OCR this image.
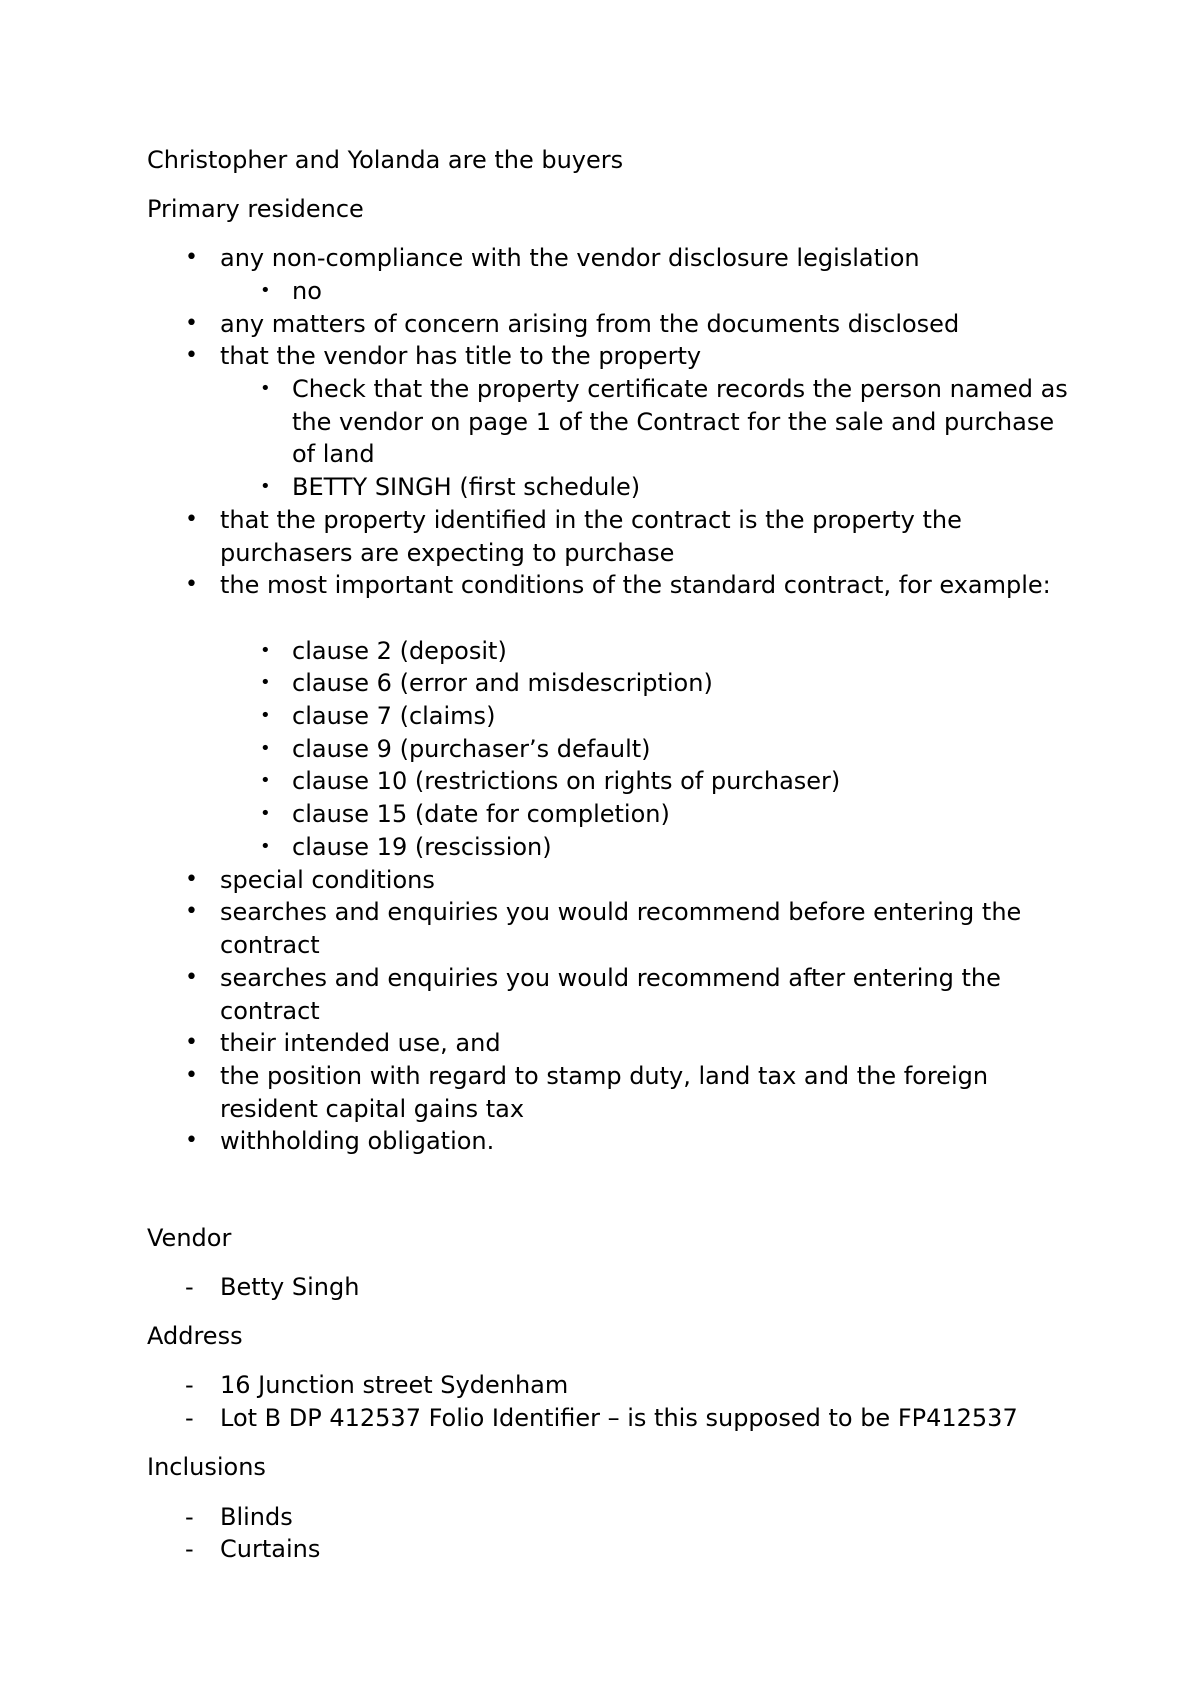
Christopher and Yolanda are the buyers
Primary residence
• any non-compliance with the vendor disclosure legislation
• no
• any matters of concern arising from the documents disclosed
• that the vendor has title to the property
• Check that the property certificate records the person named as the vendor on page 1 of the Contract for the sale and purchase of land
• BETTY SINGH (first schedule)
• that the property identified in the contract is the property the purchasers are expecting to purchase
• the most important conditions of the standard contract, for example:
• clause 2 (deposit)
• clause 6 (error and misdescription)
• clause 7 (claims)
• clause 9 (purchaser’s default)
• clause 10 (restrictions on rights of purchaser)
• clause 15 (date for completion)
• clause 19 (rescission)
• special conditions
• searches and enquiries you would recommend before entering the contract
• searches and enquiries you would recommend after entering the contract
• their intended use, and
• the position with regard to stamp duty, land tax and the foreign resident capital gains tax
• withholding obligation.
Vendor
- Betty Singh
Address
- 16 Junction street Sydenham
- Lot B DP 412537 Folio Identifier – is this supposed to be FP412537
Inclusions
- Blinds
- Curtains
